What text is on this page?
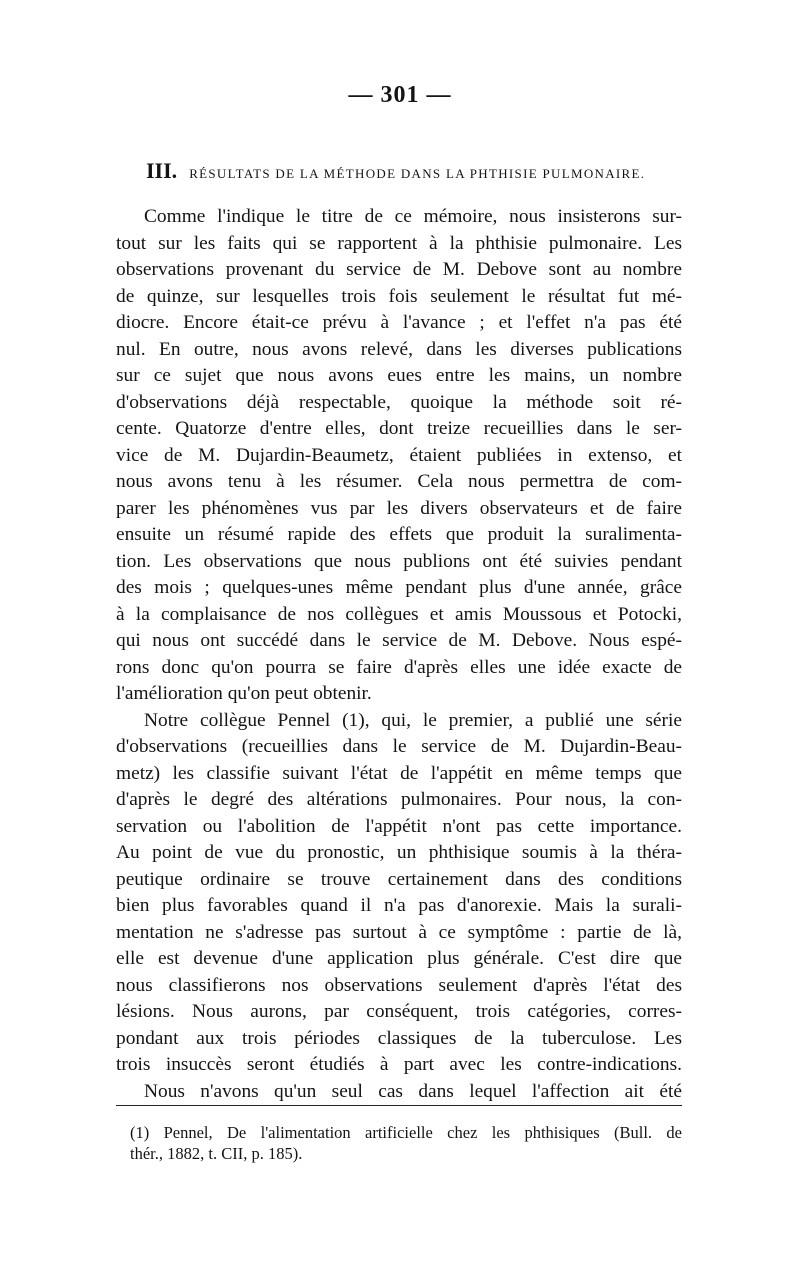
— 301 —
III. RÉSULTATS DE LA MÉTHODE DANS LA PHTHISIE PULMONAIRE.
Comme l'indique le titre de ce mémoire, nous insisterons sur-
tout sur les faits qui se rapportent à la phthisie pulmonaire. Les
observations provenant du service de M. Debove sont au nombre
de quinze, sur lesquelles trois fois seulement le résultat fut mé-
diocre. Encore était-ce prévu à l'avance ; et l'effet n'a pas été
nul. En outre, nous avons relevé, dans les diverses publications
sur ce sujet que nous avons eues entre les mains, un nombre
d'observations déjà respectable, quoique la méthode soit ré-
cente. Quatorze d'entre elles, dont treize recueillies dans le ser-
vice de M. Dujardin-Beaumetz, étaient publiées in extenso, et
nous avons tenu à les résumer. Cela nous permettra de com-
parer les phénomènes vus par les divers observateurs et de faire
ensuite un résumé rapide des effets que produit la suralimenta-
tion. Les observations que nous publions ont été suivies pendant
des mois ; quelques-unes même pendant plus d'une année, grâce
à la complaisance de nos collègues et amis Moussous et Potocki,
qui nous ont succédé dans le service de M. Debove. Nous espé-
rons donc qu'on pourra se faire d'après elles une idée exacte de
l'amélioration qu'on peut obtenir.
Notre collègue Pennel (1), qui, le premier, a publié une série
d'observations (recueillies dans le service de M. Dujardin-Beau-
metz) les classifie suivant l'état de l'appétit en même temps que
d'après le degré des altérations pulmonaires. Pour nous, la con-
servation ou l'abolition de l'appétit n'ont pas cette importance.
Au point de vue du pronostic, un phthisique soumis à la théra-
peutique ordinaire se trouve certainement dans des conditions
bien plus favorables quand il n'a pas d'anorexie. Mais la surali-
mentation ne s'adresse pas surtout à ce symptôme : partie de là,
elle est devenue d'une application plus générale. C'est dire que
nous classifierons nos observations seulement d'après l'état des
lésions. Nous aurons, par conséquent, trois catégories, corres-
pondant aux trois périodes classiques de la tuberculose. Les
trois insuccès seront étudiés à part avec les contre-indications.
Nous n'avons qu'un seul cas dans lequel l'affection ait été
(1) Pennel, De l'alimentation artificielle chez les phthisiques (Bull. de
thér., 1882, t. CII, p. 185).
